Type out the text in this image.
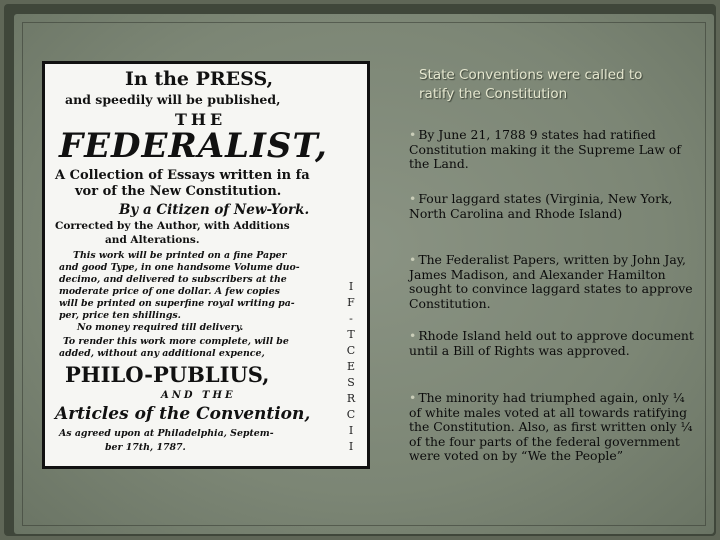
In the PRESS,
and speedily will be published,
THE
FEDERALIST,
A Collection of Essays written in fa
vor of the New Constitution.
By a Citizen of New-York.
Corrected by the Author, with Additions
and Alterations.
This work will be printed on a fine Paper
and good Type, in one handsome Volume duo-
decimo, and delivered to subscribers at the
moderate price of one dollar. A few copies
will be printed on superfine royal writing pa-
per, price ten shillings.
No money required till delivery.
To render this work more complete, will be
added, without any additional expence,
PHILO-PUBLIUS,
AND THE
Articles of the Convention,
As agreed upon at Philadelphia, Septem-
ber 17th, 1787.
I
F
-
T
C
E
S
R
C
I
I
State Conventions were called to
ratify the Constitution
• By June 21, 1788 9 states had ratified Constitution making it the Supreme Law of the Land.
• Four laggard states (Virginia, New York, North Carolina and Rhode Island)
• The Federalist Papers, written by John Jay, James Madison, and Alexander Hamilton sought to convince laggard states to approve Constitution.
• Rhode Island held out to approve document until a Bill of Rights was approved.
• The minority had triumphed again, only ¼ of white males voted at all towards ratifying the Constitution. Also, as first written only ¼ of the four parts of the federal government were voted on by “We the People”
